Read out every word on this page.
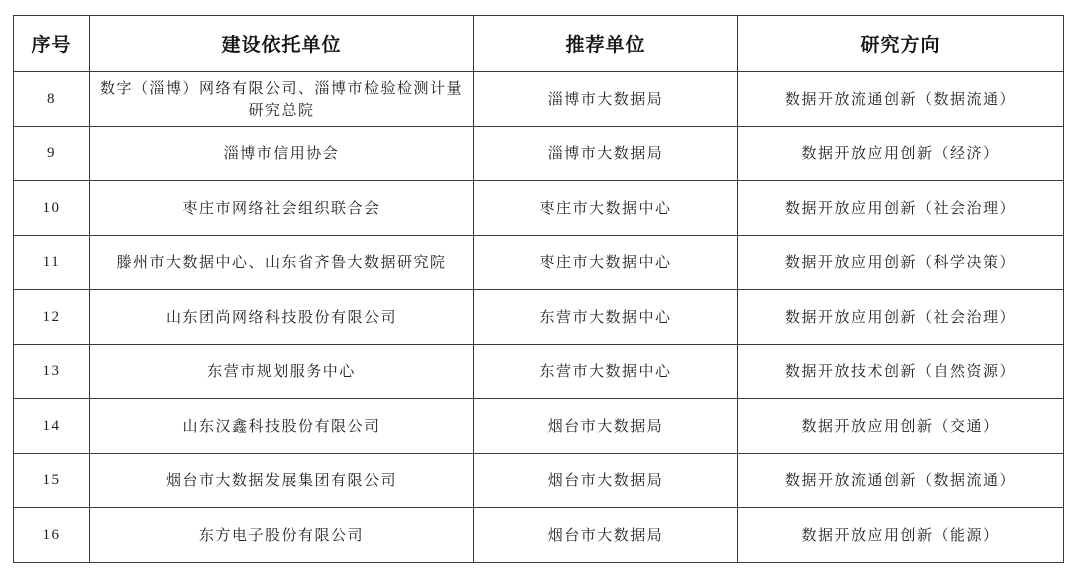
序号	建设依托单位	推荐单位	研究方向
8	数字（淄博）网络有限公司、淄博市检验检测计量研究总院	淄博市大数据局	数据开放流通创新（数据流通）
9	淄博市信用协会	淄博市大数据局	数据开放应用创新（经济）
10	枣庄市网络社会组织联合会	枣庄市大数据中心	数据开放应用创新（社会治理）
11	滕州市大数据中心、山东省齐鲁大数据研究院	枣庄市大数据中心	数据开放应用创新（科学决策）
12	山东团尚网络科技股份有限公司	东营市大数据中心	数据开放应用创新（社会治理）
13	东营市规划服务中心	东营市大数据中心	数据开放技术创新（自然资源）
14	山东汉鑫科技股份有限公司	烟台市大数据局	数据开放应用创新（交通）
15	烟台市大数据发展集团有限公司	烟台市大数据局	数据开放流通创新（数据流通）
16	东方电子股份有限公司	烟台市大数据局	数据开放应用创新（能源）
